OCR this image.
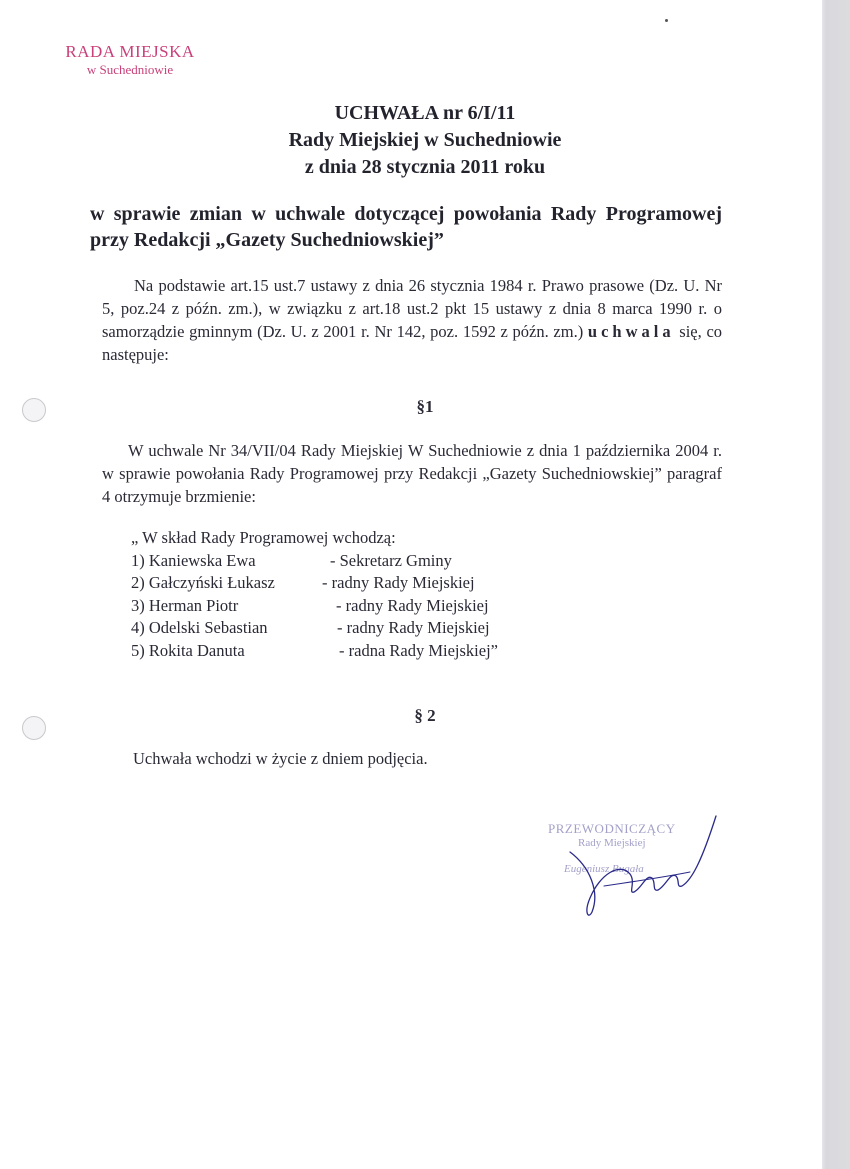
RADA MIEJSKA
w Suchedniowie
UCHWAŁA nr 6/I/11
Rady Miejskiej w Suchedniowie
z dnia 28 stycznia 2011 roku
w sprawie zmian w uchwale dotyczącej powołania Rady Programowej przy Redakcji „Gazety Suchedniowskiej”
Na podstawie art.15 ust.7 ustawy z dnia 26 stycznia 1984 r. Prawo prasowe (Dz. U. Nr 5, poz.24 z późn. zm.), w związku z art.18 ust.2 pkt 15 ustawy z dnia 8 marca 1990 r. o samorządzie gminnym (Dz. U. z 2001 r. Nr 142, poz. 1592 z późn. zm.) uchwala się, co następuje:
§1
W uchwale Nr 34/VII/04 Rady Miejskiej W Suchedniowie z dnia 1 października 2004 r. w sprawie powołania Rady Programowej przy Redakcji „Gazety Suchedniowskiej” paragraf 4 otrzymuje brzmienie:
„ W skład Rady Programowej wchodzą:
1) Kaniewska Ewa	- Sekretarz Gminy
2) Gałczyński Łukasz	- radny Rady Miejskiej
3) Herman Piotr	- radny Rady Miejskiej
4) Odelski Sebastian	- radny Rady Miejskiej
5) Rokita Danuta	- radna Rady Miejskiej”
§ 2
Uchwała wchodzi w życie z dniem podjęcia.
PRZEWODNICZĄCY
Rady Miejskiej
Eugeniusz Bugała
